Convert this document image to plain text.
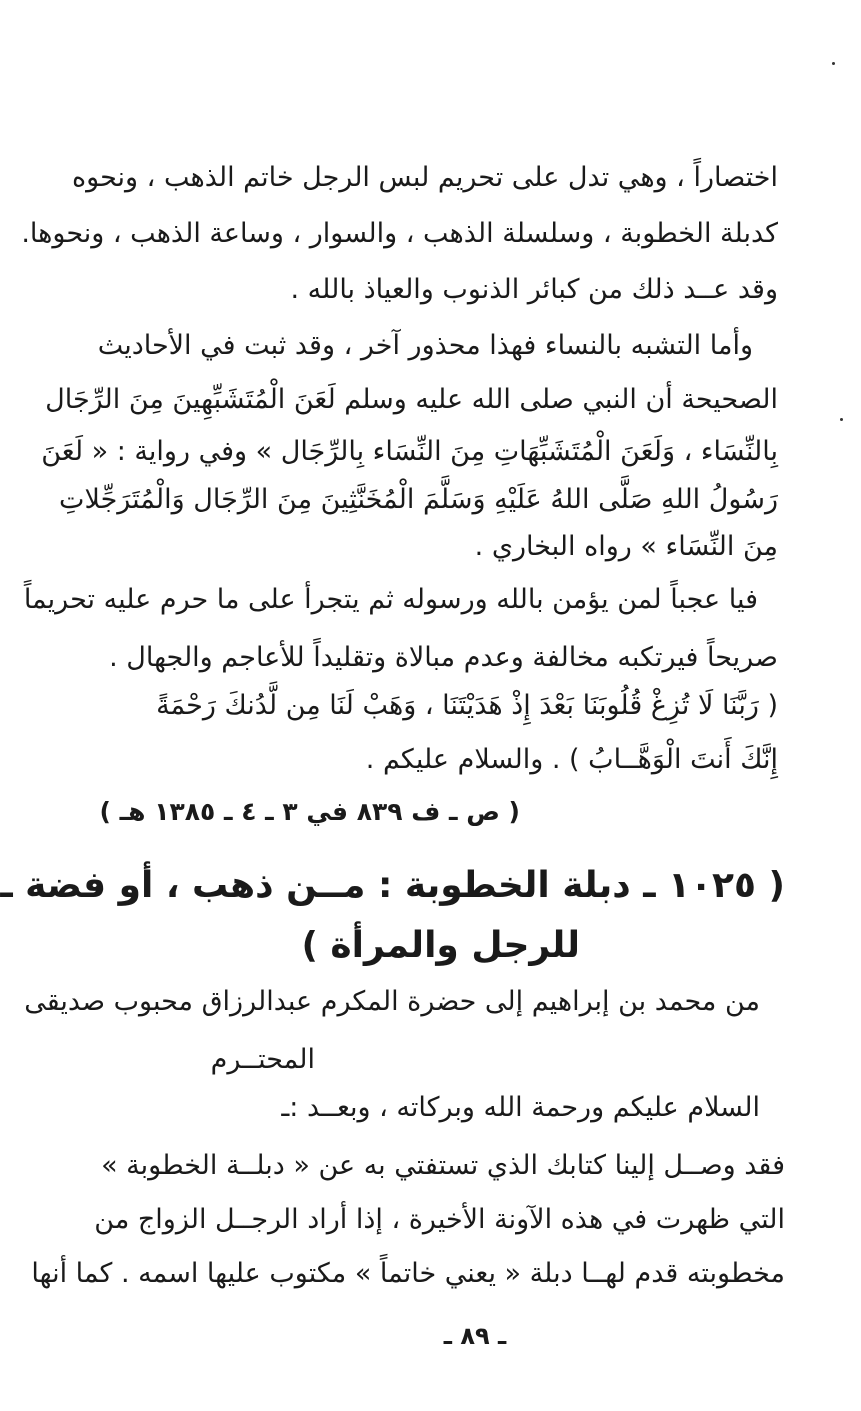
اختصاراً ، وهي تدل على تحريم لبس الرجل خاتم الذهب ، ونحوه
كدبلة الخطوبة ، وسلسلة الذهب ، والسوار ، وساعة الذهب ، ونحوها.
وقد عــد ذلك من كبائر الذنوب والعياذ بالله .
وأما التشبه بالنساء فهذا محذور آخر ، وقد ثبت في الأحاديث
الصحيحة أن النبي صلى الله عليه وسلم لَعَنَ الْمُتَشَبِّهِينَ مِنَ الرِّجَال
بِالنِّسَاء ، وَلَعَنَ الْمُتَشَبِّهَاتِ مِنَ النِّسَاء بِالرِّجَال » وفي رواية : « لَعَنَ
رَسُولُ اللهِ صَلَّى اللهُ عَلَيْهِ وَسَلَّمَ الْمُخَنَّثِينَ مِنَ الرِّجَال وَالْمُتَرَجِّلاتِ
مِنَ النِّسَاء » رواه البخاري .
فيا عجباً لمن يؤمن بالله ورسوله ثم يتجرأ على ما حرم عليه تحريماً
صريحاً فيرتكبه مخالفة وعدم مبالاة وتقليداً للأعاجم والجهال .
( رَبَّنَا لَا تُزِغْ قُلُوبَنَا بَعْدَ إِذْ هَدَيْتَنَا ، وَهَبْ لَنَا مِن لَّدُنكَ رَحْمَةً
إِنَّكَ أَنتَ الْوَهَّــابُ ) . والسلام عليكم .
( ص ـ ف ٨٣٩ في ٣ ـ ٤ ـ ١٣٨٥ هـ )
( ١٠٢٥ ـ دبلة الخطوبة : مــن ذهب ، أو فضة ـ
للرجل والمرأة )
من محمد بن إبراهيم إلى حضرة المكرم عبدالرزاق محبوب صديقى
المحتــرم
السلام عليكم ورحمة الله وبركاته ، وبعــد :ـ
فقد وصــل إلينا كتابك الذي تستفتي به عن « دبلــة الخطوبة »
التي ظهرت في هذه الآونة الأخيرة ، إذا أراد الرجــل الزواج من
مخطوبته قدم لهــا دبلة « يعني خاتماً » مكتوب عليها اسمه . كما أنها
ـ ٨٩ ـ
